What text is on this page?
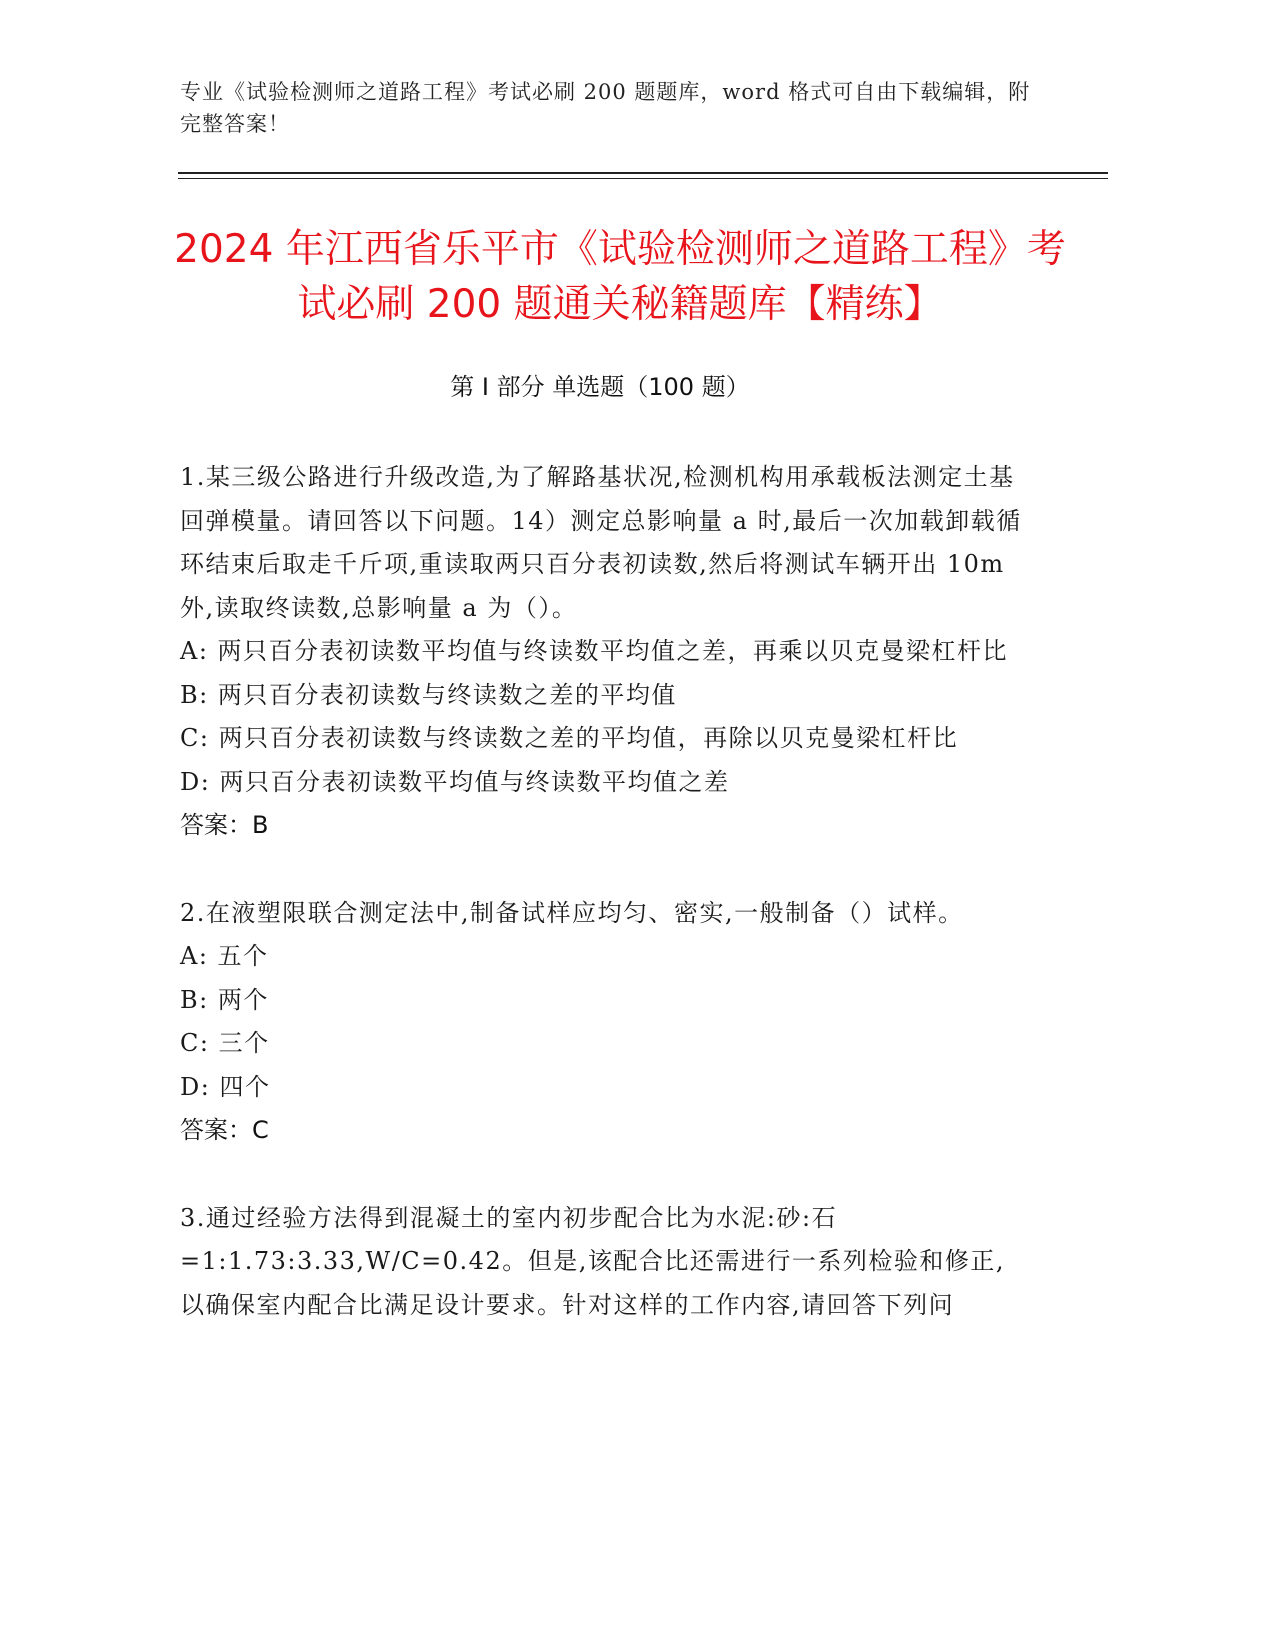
专业《试验检测师之道路工程》考试必刷 200 题题库，word 格式可自由下载编辑，附完整答案！
2024 年江西省乐平市《试验检测师之道路工程》考试必刷 200 题通关秘籍题库【精练】
第 I 部分 单选题（100 题）

1.某三级公路进行升级改造,为了解路基状况,检测机构用承载板法测定土基回弹模量。请回答以下问题。14）测定总影响量 a 时,最后一次加载卸载循环结束后取走千斤项,重读取两只百分表初读数,然后将测试车辆开出 10m 外,读取终读数,总影响量 a 为（）。

A: 两只百分表初读数平均值与终读数平均值之差，再乘以贝克曼梁杠杆比

B: 两只百分表初读数与终读数之差的平均值

C: 两只百分表初读数与终读数之差的平均值，再除以贝克曼梁杠杆比

D: 两只百分表初读数平均值与终读数平均值之差

答案：B

2.在液塑限联合测定法中,制备试样应均匀、密实,一般制备（）试样。

A: 五个

B: 两个

C: 三个

D: 四个

答案：C

3.通过经验方法得到混凝土的室内初步配合比为水泥:砂:石=1:1.73:3.33,W/C=0.42。但是,该配合比还需进行一系列检验和修正,以确保室内配合比满足设计要求。针对这样的工作内容,请回答下列问
